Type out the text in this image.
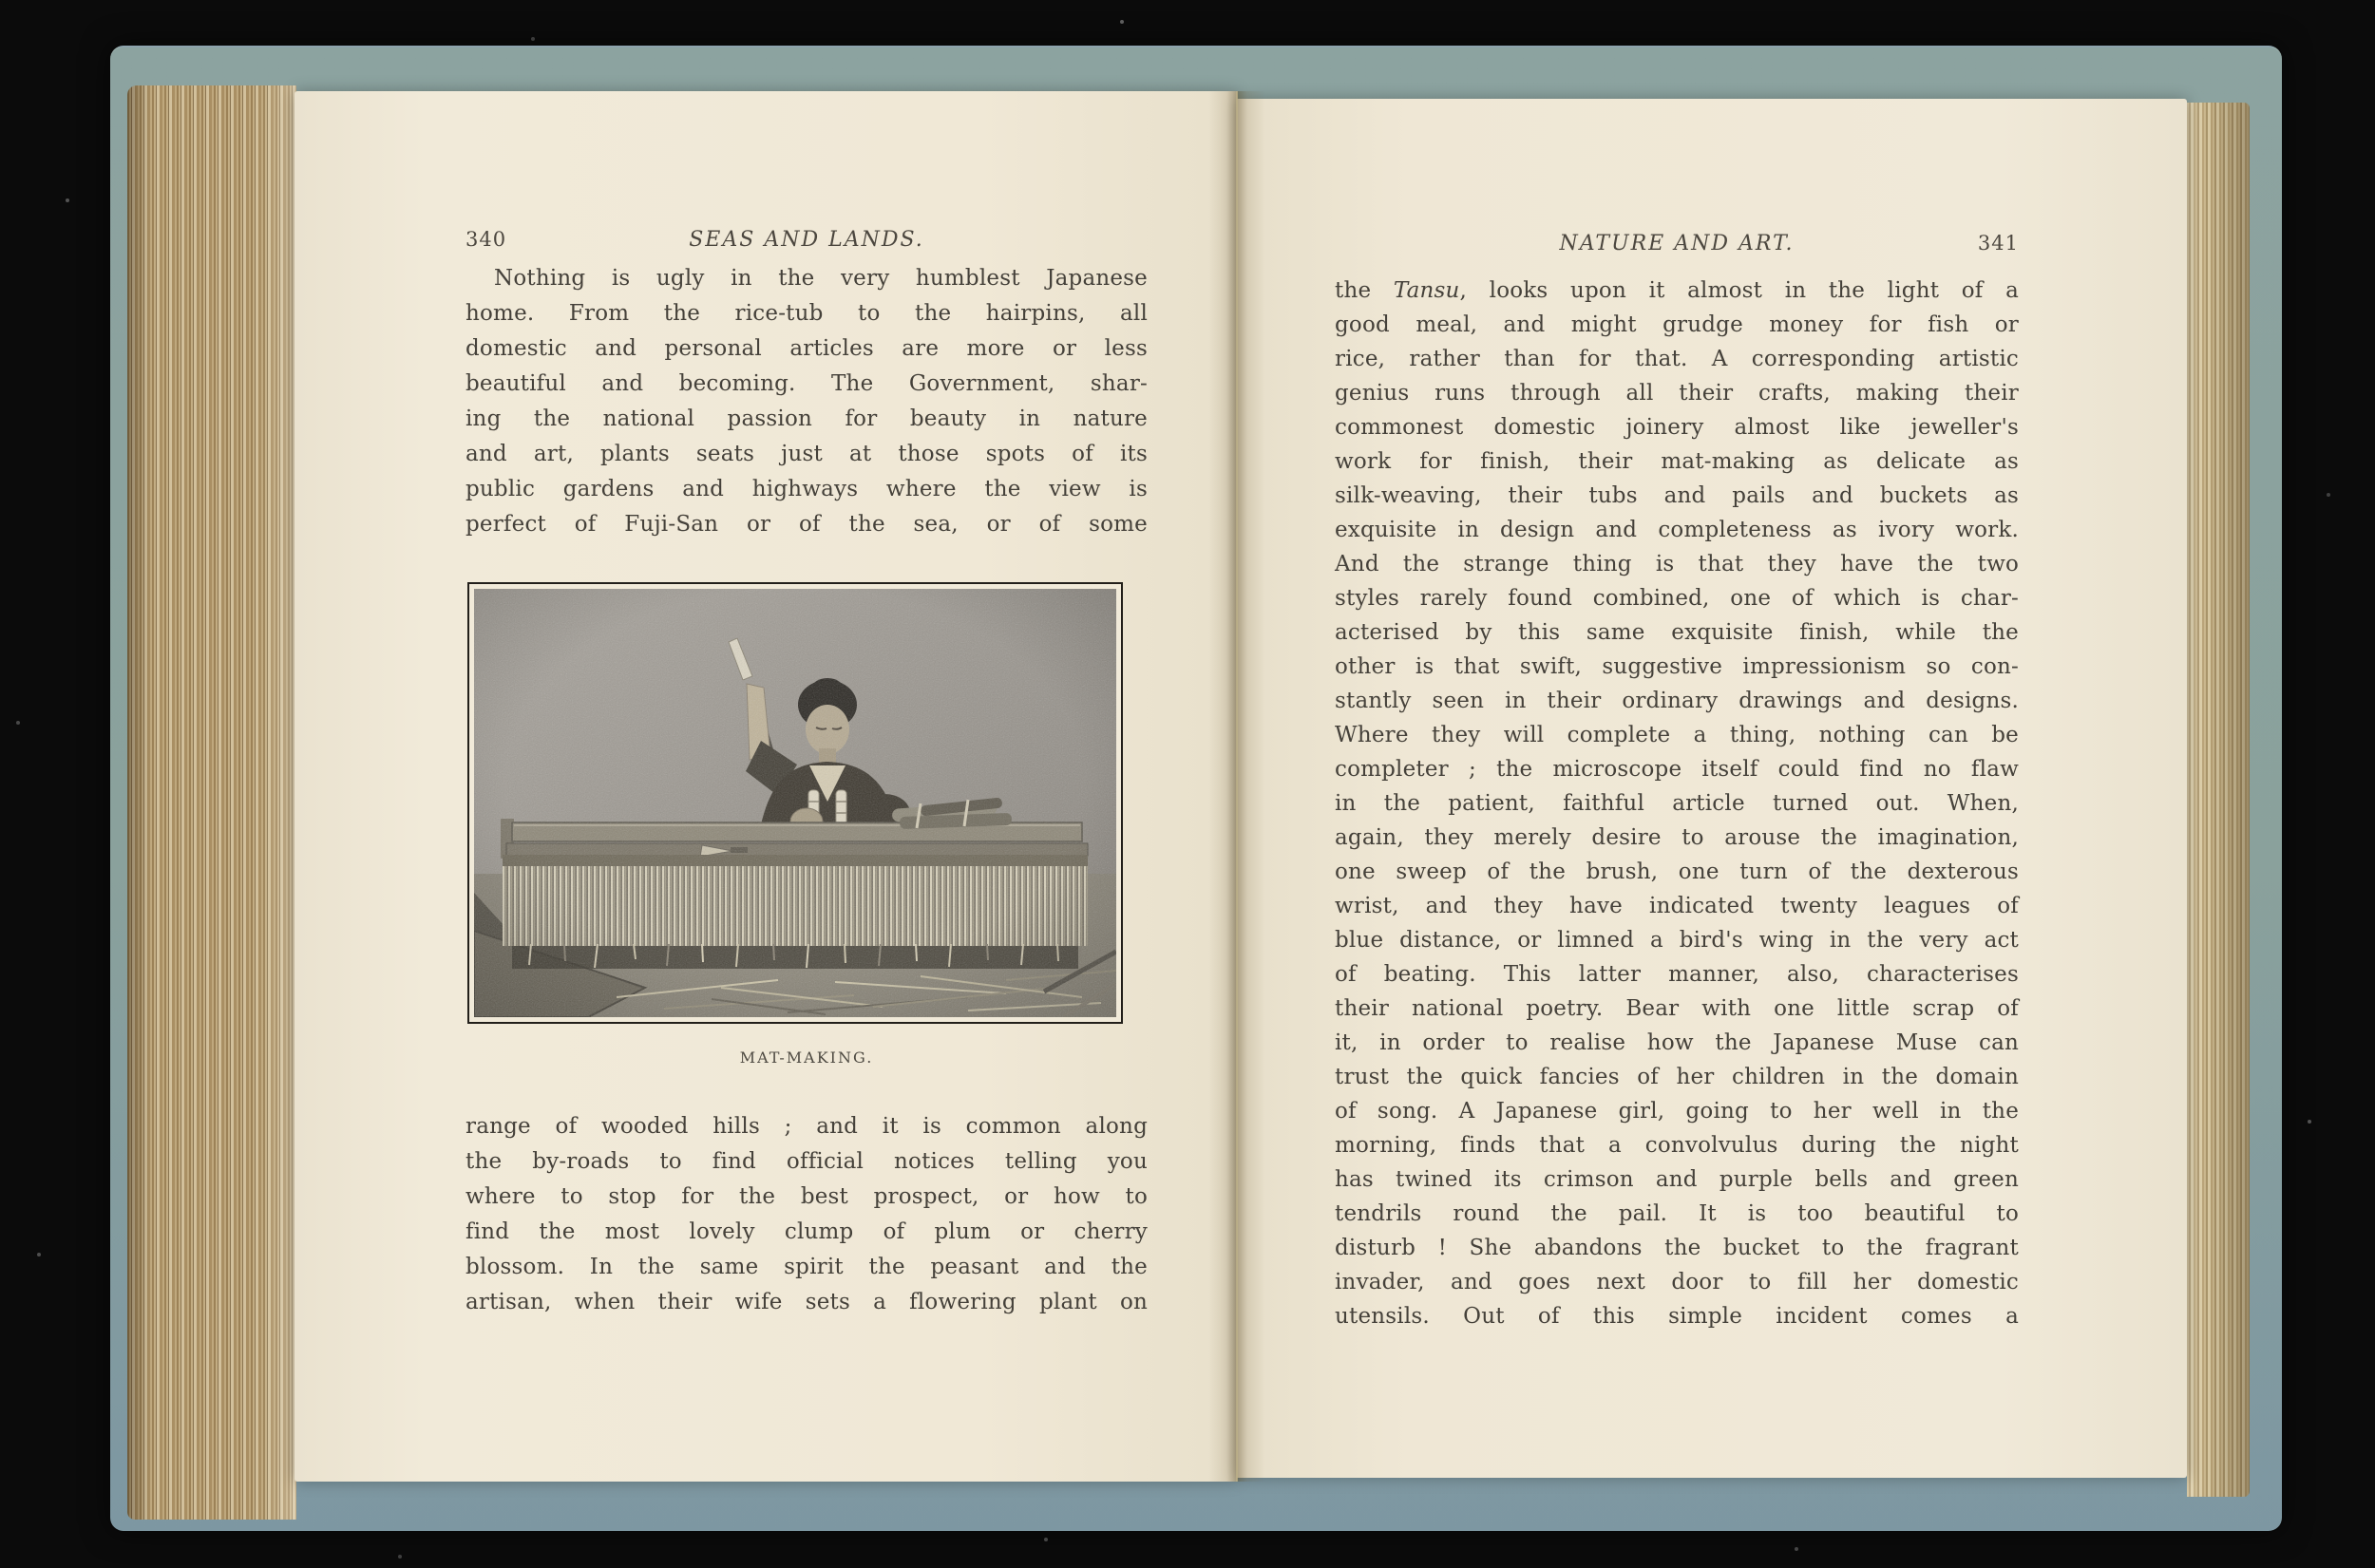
340	SEAS AND LANDS.
Nothing is ugly in the very humblest Japanese
home. From the rice-tub to the hairpins, all
domestic and personal articles are more or less
beautiful and becoming. The Government, shar-
ing the national passion for beauty in nature
and art, plants seats just at those spots of its
public gardens and highways where the view is
perfect of Fuji-San or of the sea, or of some
MAT-MAKING.
range of wooded hills ; and it is common along
the by-roads to find official notices telling you
where to stop for the best prospect, or how to
find the most lovely clump of plum or cherry
blossom. In the same spirit the peasant and the
artisan, when their wife sets a flowering plant on
NATURE AND ART.	341
the Tansu, looks upon it almost in the light of a
good meal, and might grudge money for fish or
rice, rather than for that. A corresponding artistic
genius runs through all their crafts, making their
commonest domestic joinery almost like jeweller's
work for finish, their mat-making as delicate as
silk-weaving, their tubs and pails and buckets as
exquisite in design and completeness as ivory work.
And the strange thing is that they have the two
styles rarely found combined, one of which is char-
acterised by this same exquisite finish, while the
other is that swift, suggestive impressionism so con-
stantly seen in their ordinary drawings and designs.
Where they will complete a thing, nothing can be
completer ; the microscope itself could find no flaw
in the patient, faithful article turned out. When,
again, they merely desire to arouse the imagination,
one sweep of the brush, one turn of the dexterous
wrist, and they have indicated twenty leagues of
blue distance, or limned a bird's wing in the very act
of beating. This latter manner, also, characterises
their national poetry. Bear with one little scrap of
it, in order to realise how the Japanese Muse can
trust the quick fancies of her children in the domain
of song. A Japanese girl, going to her well in the
morning, finds that a convolvulus during the night
has twined its crimson and purple bells and green
tendrils round the pail. It is too beautiful to
disturb ! She abandons the bucket to the fragrant
invader, and goes next door to fill her domestic
utensils. Out of this simple incident comes a
